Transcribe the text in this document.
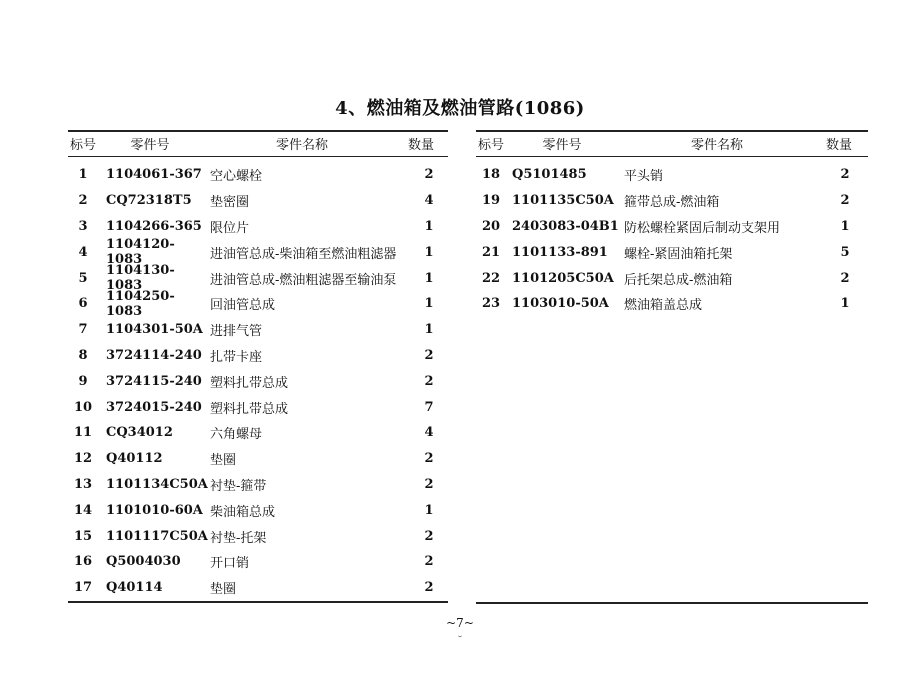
4、燃油箱及燃油管路(1086)
标号	零件号	零件名称	数量
1	1104061-367 空心螺栓	2
2	CQ72318T5	垫密圈	4
3	1104266-365 限位片	1
4	1104120-1083	进油管总成-柴油箱至燃油粗滤器	1
5	1104130-1083	进油管总成-燃油粗滤器至输油泵	1
6	1104250-1083	回油管总成	1
7	1104301-50A 进排气管	1
8	3724114-240 扎带卡座	2
9	3724115-240 塑料扎带总成	2
10	3724015-240 塑料扎带总成	7
11	CQ34012	六角螺母	4
12	Q40112	垫圈	2
13	1101134C50A 衬垫-箍带	2
14	1101010-60A 柴油箱总成	1
15	1101117C50A 衬垫-托架	2
16	Q5004030	开口销	2
17	Q40114	垫圈	2
标号	零件号	零件名称	数量
18 Q5101485	平头销	2
19 1101135C50A 箍带总成-燃油箱	2
20 2403083-04B1 防松螺栓紧固后制动支架用	1
21 1101133-891	螺栓-紧固油箱托架	5
22 1101205C50A 后托架总成-燃油箱	2
23 1103010-50A	燃油箱盖总成	1
~7~
˘
